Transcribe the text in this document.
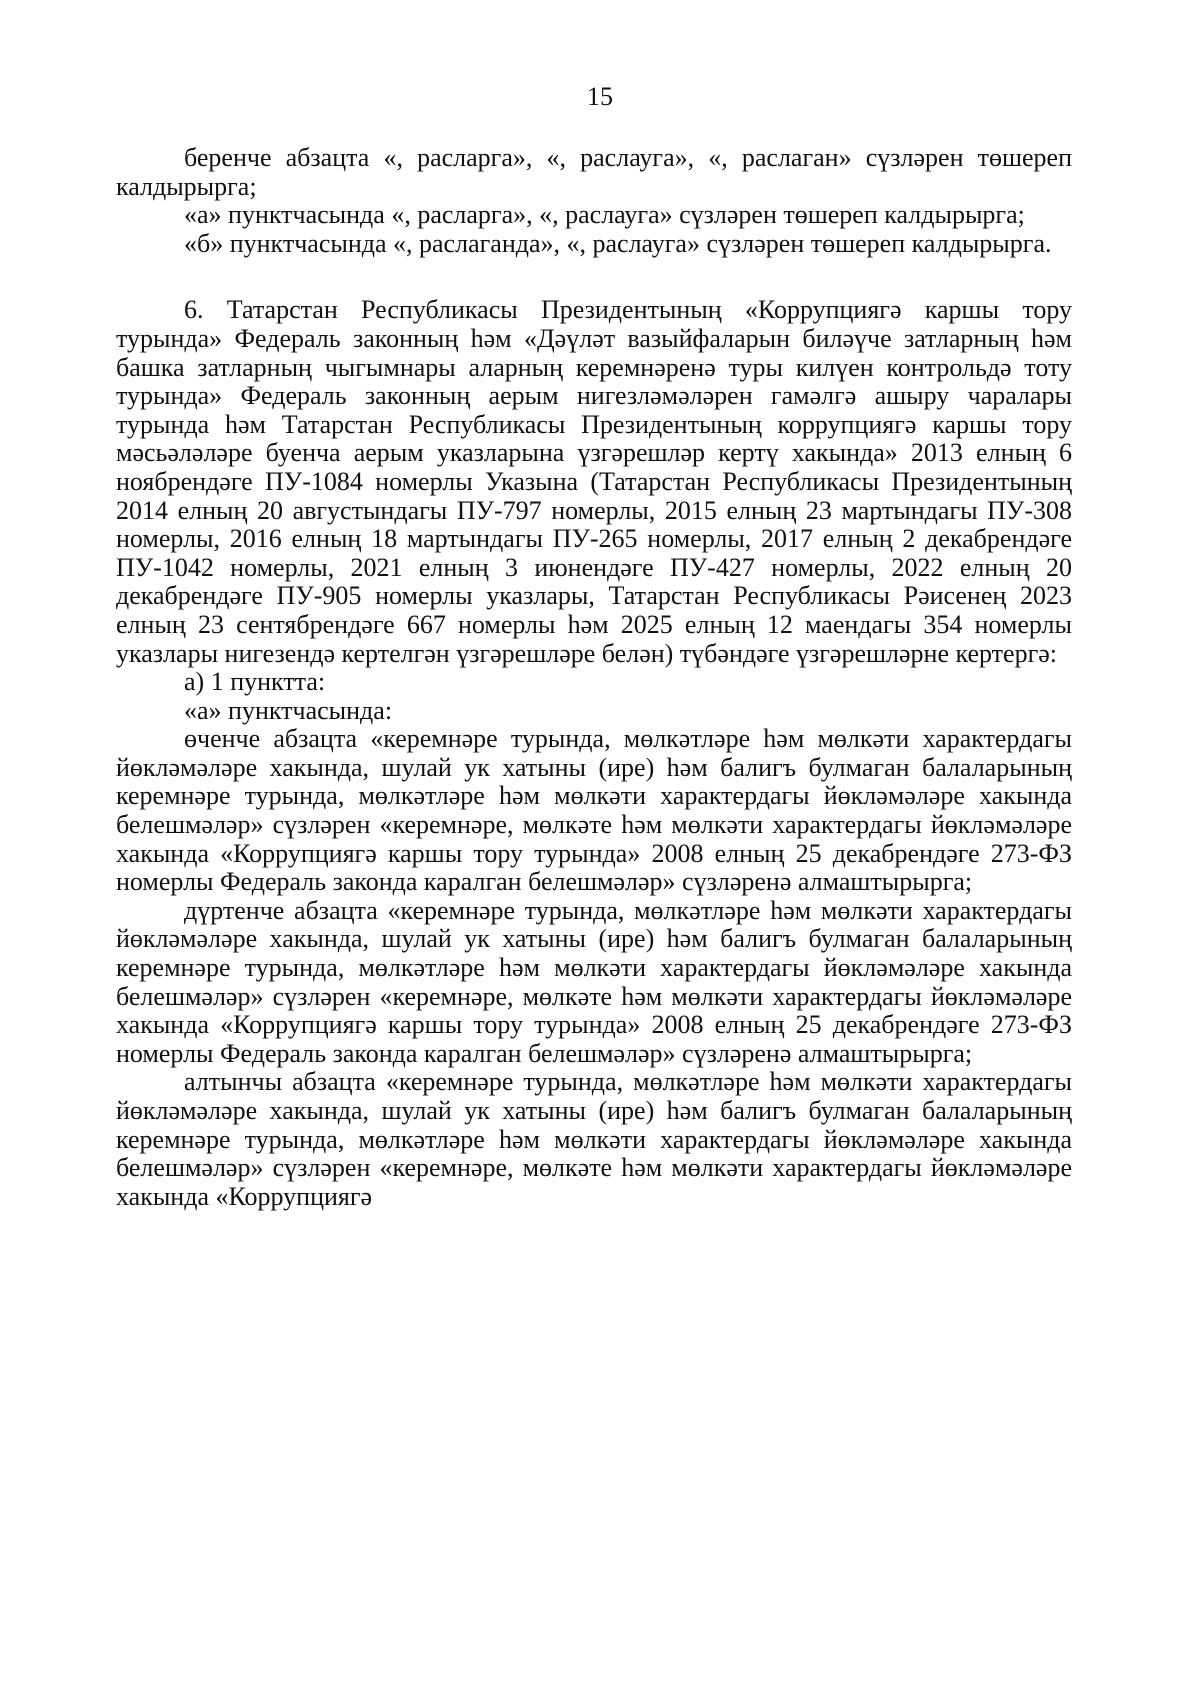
15

беренче абзацта «, расларга», «, раслауга», «, раслаган» сүзләрен төшереп калдырырга;

«а» пунктчасында «, расларга», «, раслауга» сүзләрен төшереп калдырырга;

«б» пунктчасында «, раслаганда», «, раслауга» сүзләрен төшереп калдырырга.

6. Татарстан Республикасы Президентының «Коррупциягә каршы тору турында» Федераль законның һәм «Дәүләт вазыйфаларын биләүче затларның һәм башка затларның чыгымнары аларның керемнәренә туры килүен контрольдә тоту турында» Федераль законның аерым нигезләмәләрен гамәлгә ашыру чаралары турында һәм Татарстан Республикасы Президентының коррупциягә каршы тору мәсьәләләре буенча аерым указларына үзгәрешләр кертү хакында» 2013 елның 6 ноябрендәге ПУ-1084 номерлы Указына (Татарстан Республикасы Президентының 2014 елның 20 августындагы ПУ-797 номерлы, 2015 елның 23 мартындагы ПУ-308 номерлы, 2016 елның 18 мартындагы ПУ-265 номерлы, 2017 елның 2 декабрендәге ПУ-1042 номерлы, 2021 елның 3 июнендәге ПУ-427 номерлы, 2022 елның 20 декабрендәге ПУ-905 номерлы указлары, Татарстан Республикасы Рәисенең 2023 елның 23 сентябрендәге 667 номерлы һәм 2025 елның 12 маендагы 354 номерлы указлары нигезендә кертелгән үзгәрешләре белән) түбәндәге үзгәрешләрне кертергә:

а) 1 пунктта:

«а» пунктчасында:

өченче абзацта «керемнәре турында, мөлкәтләре һәм мөлкәти характердагы йөкләмәләре хакында, шулай ук хатыны (ире) һәм балигъ булмаган балаларының керемнәре турында, мөлкәтләре һәм мөлкәти характердагы йөкләмәләре хакында белешмәләр» сүзләрен «керемнәре, мөлкәте һәм мөлкәти характердагы йөкләмәләре хакында «Коррупциягә каршы тору турында» 2008 елның 25 декабрендәге 273-ФЗ номерлы Федераль законда каралган белешмәләр» сүзләренә алмаштырырга;

дүртенче абзацта «керемнәре турында, мөлкәтләре һәм мөлкәти характердагы йөкләмәләре хакында, шулай ук хатыны (ире) һәм балигъ булмаган балаларының керемнәре турында, мөлкәтләре һәм мөлкәти характердагы йөкләмәләре хакында белешмәләр» сүзләрен «керемнәре, мөлкәте һәм мөлкәти характердагы йөкләмәләре хакында «Коррупциягә каршы тору турында» 2008 елның 25 декабрендәге 273-ФЗ номерлы Федераль законда каралган белешмәләр» сүзләренә алмаштырырга;

алтынчы абзацта «керемнәре турында, мөлкәтләре һәм мөлкәти характердагы йөкләмәләре хакында, шулай ук хатыны (ире) һәм балигъ булмаган балаларының керемнәре турында, мөлкәтләре һәм мөлкәти характердагы йөкләмәләре хакында белешмәләр» сүзләрен «керемнәре, мөлкәте һәм мөлкәти характердагы йөкләмәләре хакында «Коррупциягә
